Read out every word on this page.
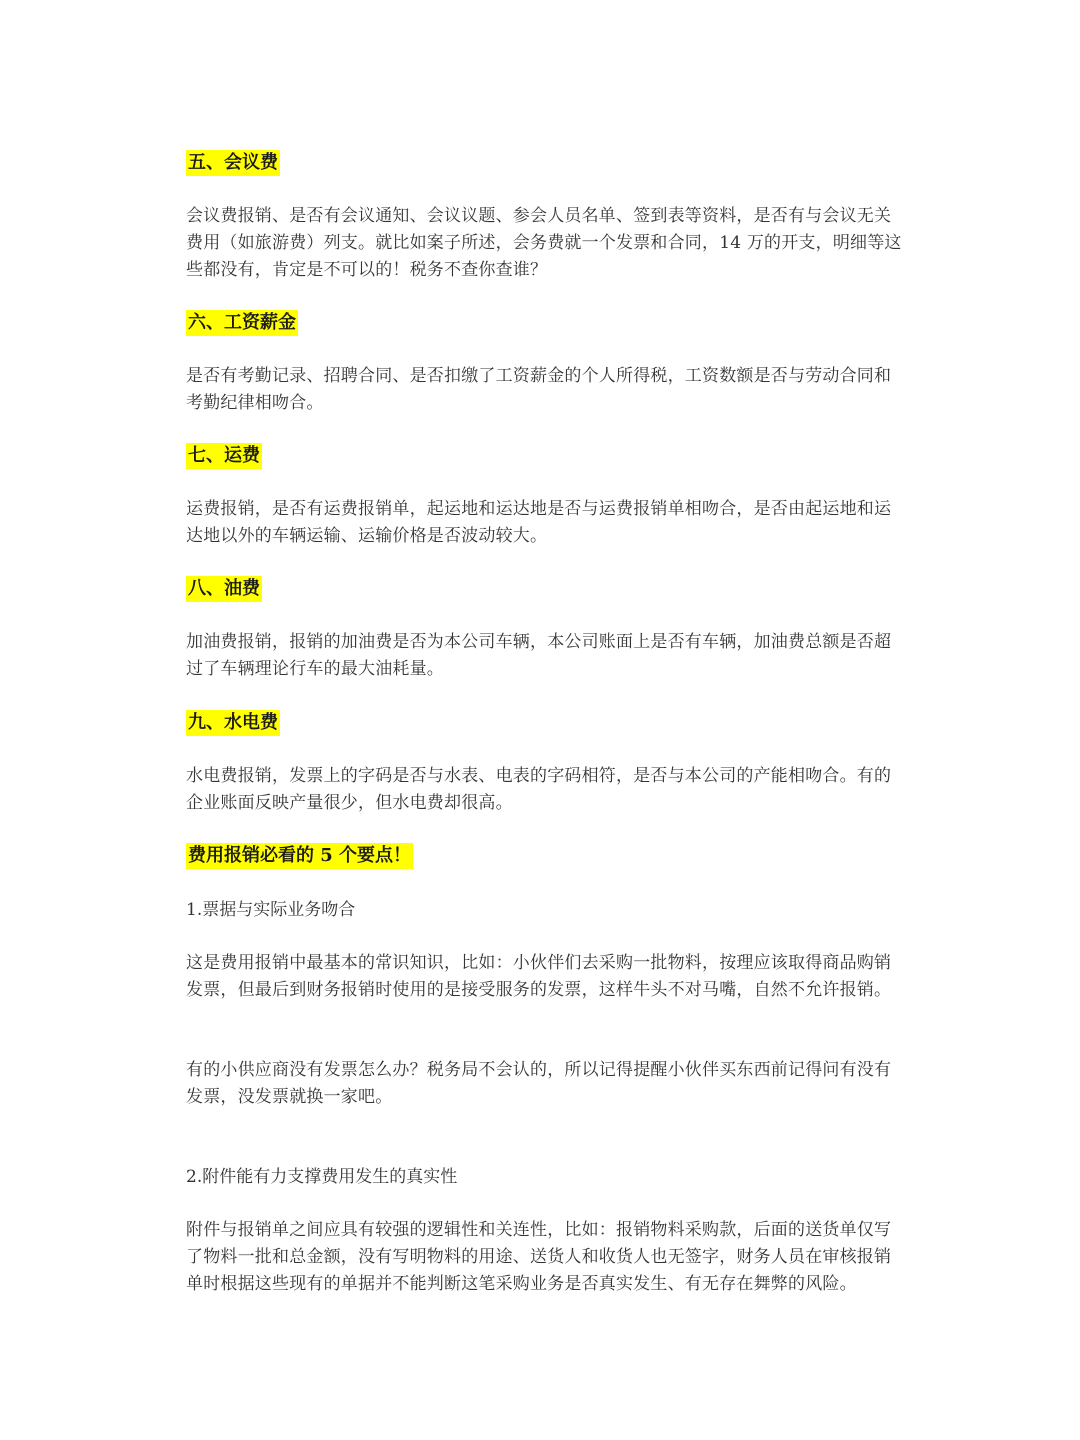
五、会议费

会议费报销、是否有会议通知、会议议题、参会人员名单、签到表等资料，是否有与会议无关费用（如旅游费）列支。就比如案子所述，会务费就一个发票和合同，14 万的开支，明细等这些都没有，肯定是不可以的！税务不查你查谁？

六、工资薪金

是否有考勤记录、招聘合同、是否扣缴了工资薪金的个人所得税，工资数额是否与劳动合同和考勤纪律相吻合。

七、运费

运费报销，是否有运费报销单，起运地和运达地是否与运费报销单相吻合，是否由起运地和运达地以外的车辆运输、运输价格是否波动较大。

八、油费

加油费报销，报销的加油费是否为本公司车辆，本公司账面上是否有车辆，加油费总额是否超过了车辆理论行车的最大油耗量。

九、水电费

水电费报销，发票上的字码是否与水表、电表的字码相符，是否与本公司的产能相吻合。有的企业账面反映产量很少，但水电费却很高。

费用报销必看的 5 个要点！

1.票据与实际业务吻合

这是费用报销中最基本的常识知识，比如：小伙伴们去采购一批物料，按理应该取得商品购销发票，但最后到财务报销时使用的是接受服务的发票，这样牛头不对马嘴，自然不允许报销。

有的小供应商没有发票怎么办？税务局不会认的，所以记得提醒小伙伴买东西前记得问有没有发票，没发票就换一家吧。

2.附件能有力支撑费用发生的真实性

附件与报销单之间应具有较强的逻辑性和关连性，比如：报销物料采购款，后面的送货单仅写了物料一批和总金额，没有写明物料的用途、送货人和收货人也无签字，财务人员在审核报销单时根据这些现有的单据并不能判断这笔采购业务是否真实发生、有无存在舞弊的风险。
